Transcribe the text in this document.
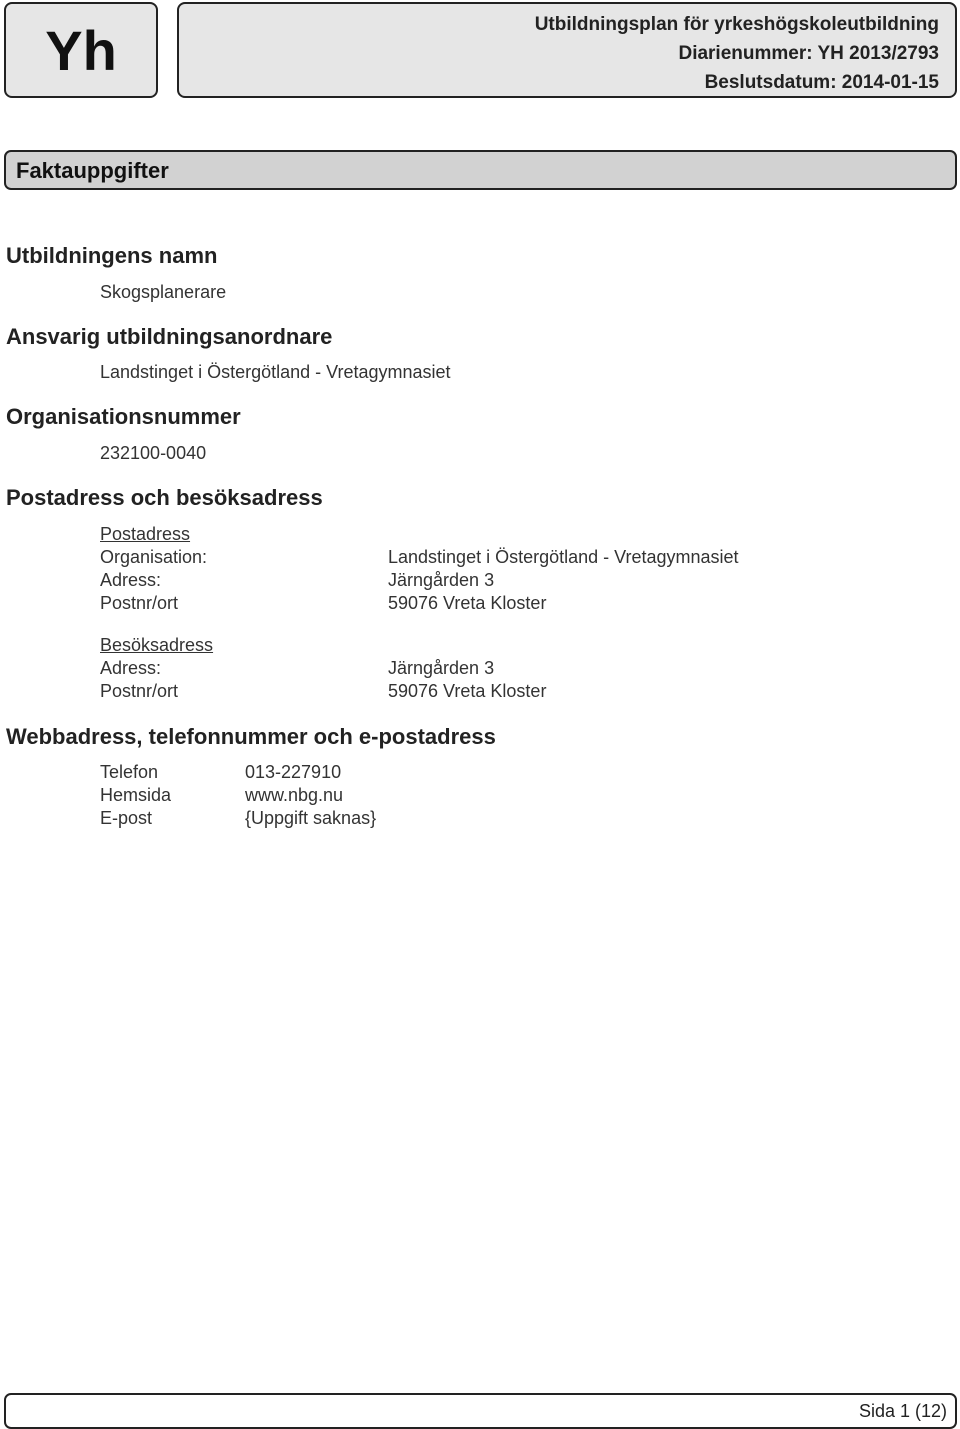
Yh	Utbildningsplan för yrkeshögskoleutbildning
Diarienummer: YH 2013/2793
Beslutsdatum: 2014-01-15
Faktauppgifter
Utbildningens namn
Skogsplanerare
Ansvarig utbildningsanordnare
Landstinget i Östergötland - Vretagymnasiet
Organisationsnummer
232100-0040
Postadress och besöksadress
Postadress
Organisation:	Landstinget i Östergötland - Vretagymnasiet
Adress:	Järngården 3
Postnr/ort	59076 Vreta Kloster
Besöksadress
Adress:	Järngården 3
Postnr/ort	59076 Vreta Kloster
Webbadress, telefonnummer och e-postadress
Telefon	013-227910
Hemsida	www.nbg.nu
E-post	{Uppgift saknas}
Sida 1 (12)
